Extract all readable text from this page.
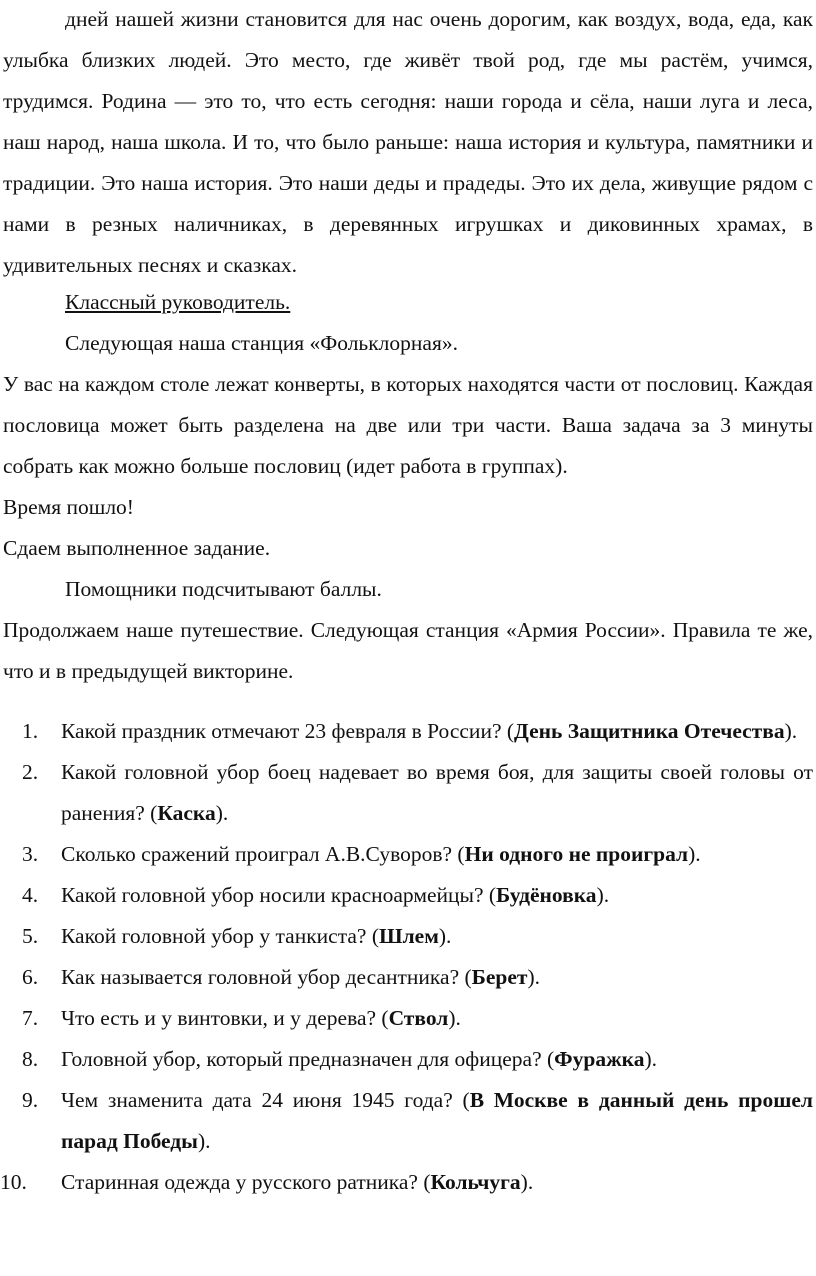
дней нашей жизни становится для нас очень дорогим, как воздух, вода, еда, как улыбка близких людей. Это место, где живёт твой род, где мы растём, учимся, трудимся. Родина — это то, что есть сегодня: наши города и сёла, наши луга и леса, наш народ, наша школа. И то, что было раньше: наша история и культура, памятники и традиции. Это наша история. Это наши деды и прадеды. Это их дела, живущие рядом с нами в резных наличниках, в деревянных игрушках и диковинных храмах, в удивительных песнях и сказках.

Классный руководитель.

Следующая наша станция «Фольклорная».

У вас на каждом столе лежат конверты, в которых находятся части от пословиц. Каждая пословица может быть разделена на две или три части. Ваша задача за 3 минуты собрать как можно больше пословиц (идет работа в группах).

Время пошло!

Сдаем выполненное задание.

Помощники подсчитывают баллы.

Продолжаем наше путешествие. Следующая станция «Армия России». Правила те же, что и в предыдущей викторине.

1.	Какой праздник отмечают 23 февраля в России? (День Защитника Отечества).
2.	Какой головной убор боец надевает во время боя, для защиты своей головы от ранения? (Каска).
3.	Сколько сражений проиграл А.В.Суворов? (Ни одного не проиграл).
4.	Какой головной убор носили красноармейцы? (Будёновка).
5.	Какой головной убор у танкиста? (Шлем).
6.	Как называется головной убор десантника? (Берет).
7.	Что есть и у винтовки, и у дерева? (Ствол).
8.	Головной убор, который предназначен для офицера? (Фуражка).
9.	Чем знаменита дата 24 июня 1945 года? (В Москве в данный день прошел парад Победы).
10.	Старинная одежда у русского ратника? (Кольчуга).
